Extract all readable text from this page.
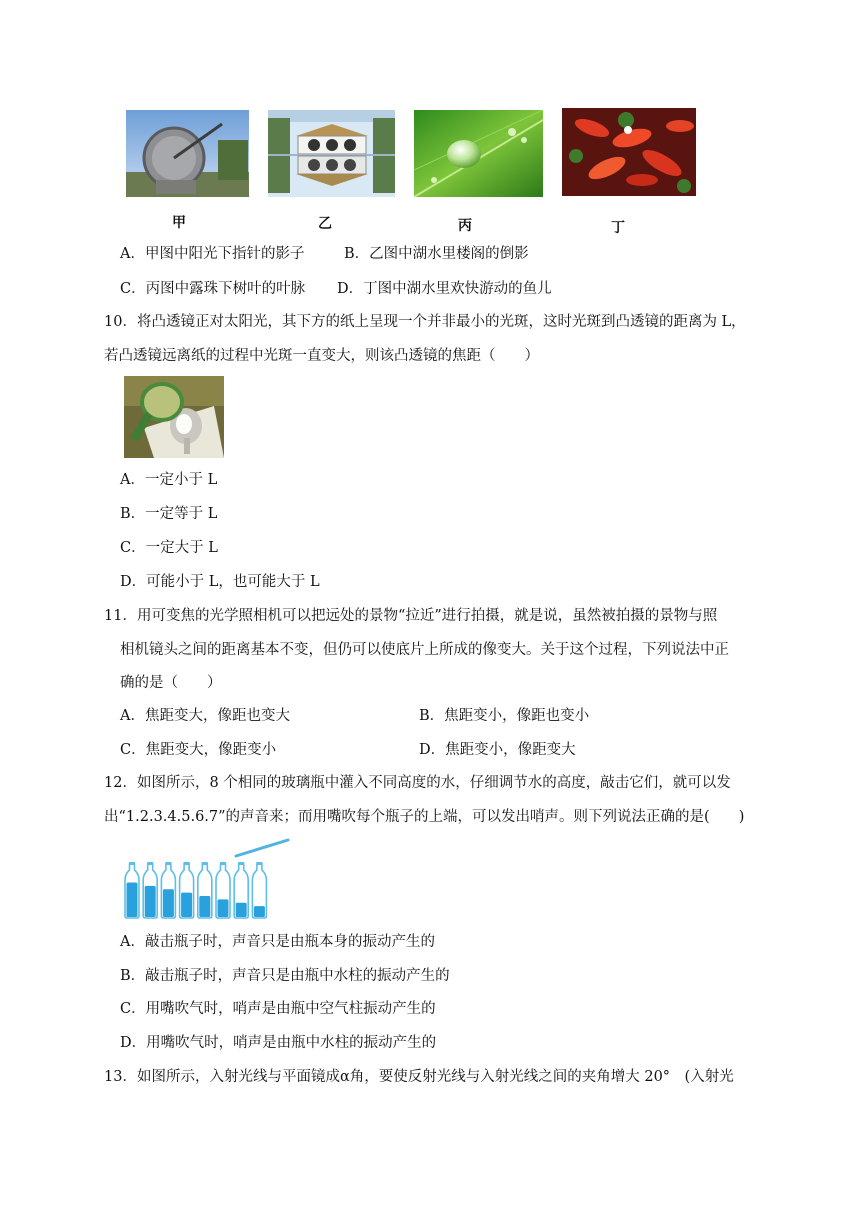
甲	乙	丙	丁
A．甲图中阳光下指针的影子	B．乙图中湖水里楼阁的倒影
C．丙图中露珠下树叶的叶脉 D．丁图中湖水里欢快游动的鱼儿
10．将凸透镜正对太阳光，其下方的纸上呈现一个并非最小的光斑，这时光斑到凸透镜的距离为 L，
若凸透镜远离纸的过程中光斑一直变大，则该凸透镜的焦距（　　）
A．一定小于 L
B．一定等于 L
C．一定大于 L
D．可能小于 L，也可能大于 L
11．用可变焦的光学照相机可以把远处的景物“拉近”进行拍摄，就是说，虽然被拍摄的景物与照
相机镜头之间的距离基本不变，但仍可以使底片上所成的像变大。关于这个过程，下列说法中正
确的是（　　）
A．焦距变大，像距也变大	B．焦距变小，像距也变小
C．焦距变大，像距变小	D．焦距变小，像距变大
12．如图所示，8 个相同的玻璃瓶中灌入不同高度的水，仔细调节水的高度，敲击它们，就可以发
出“1.2.3.4.5.6.7”的声音来；而用嘴吹每个瓶子的上端，可以发出哨声。则下列说法正确的是(　　)
A．敲击瓶子时，声音只是由瓶本身的振动产生的
B．敲击瓶子时，声音只是由瓶中水柱的振动产生的
C．用嘴吹气时，哨声是由瓶中空气柱振动产生的
D．用嘴吹气时，哨声是由瓶中水柱的振动产生的
13．如图所示，入射光线与平面镜成α角，要使反射光线与入射光线之间的夹角增大 20°　(入射光
